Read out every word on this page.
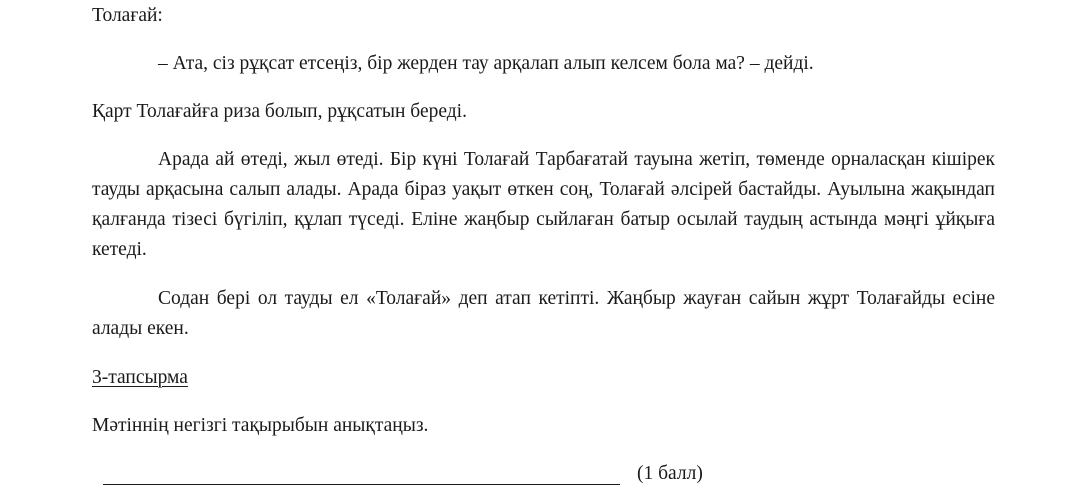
Толағай:
– Ата, сіз рұқсат етсеңіз, бір жерден тау арқалап алып келсем бола ма? – дейді.
Қарт Толағайға риза болып, рұқсатын береді.
Арада ай өтеді, жыл өтеді. Бір күні Толағай Тарбағатай тауына жетіп, төменде орналасқан кішірек тауды арқасына салып алады. Арада біраз уақыт өткен соң, Толағай әлсірей бастайды. Ауылына жақындап қалғанда тізесі бүгіліп, құлап түседі. Еліне жаңбыр сыйлаған батыр осылай таудың астында мәңгі ұйқыға кетеді.
Содан бері ол тауды ел «Толағай» деп атап кетіпті. Жаңбыр жауған сайын жұрт Толағайды есіне алады екен.
3-тапсырма
Мәтіннің негізгі тақырыбын анықтаңыз.
(1 балл)
